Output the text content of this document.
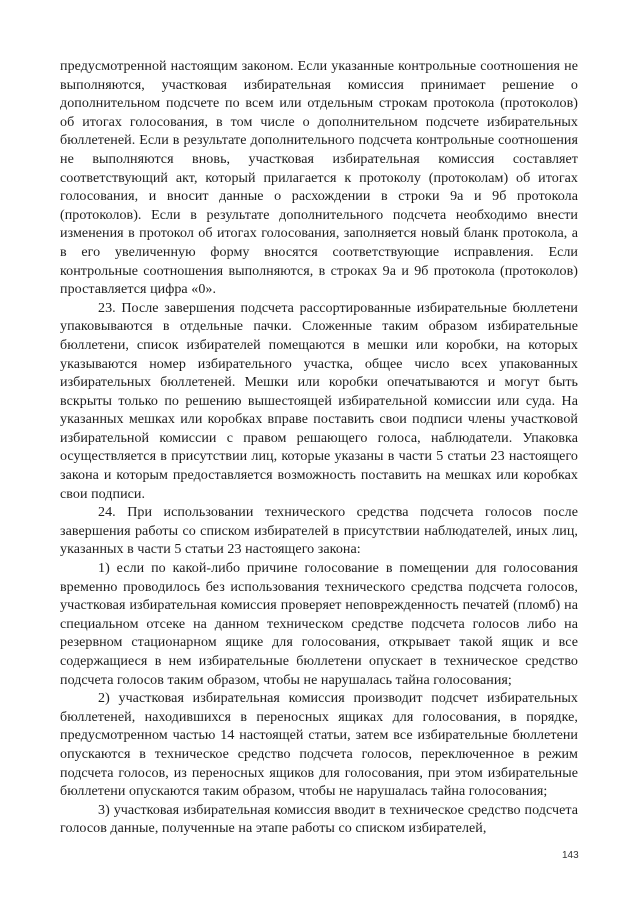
предусмотренной настоящим законом. Если указанные контрольные соотношения не выполняются, участковая избирательная комиссия принимает решение о дополнительном подсчете по всем или отдельным строкам протокола (протоколов) об итогах голосования, в том числе о дополнительном подсчете избирательных бюллетеней. Если в результате дополнительного подсчета контрольные соотношения не выполняются вновь, участковая избирательная комиссия составляет соответствующий акт, который прилагается к протоколу (протоколам) об итогах голосования, и вносит данные о расхождении в строки 9а и 9б протокола (протоколов). Если в результате дополнительного подсчета необходимо внести изменения в протокол об итогах голосования, заполняется новый бланк протокола, а в его увеличенную форму вносятся соответствующие исправления. Если контрольные соотношения выполняются, в строках 9а и 9б протокола (протоколов) проставляется цифра «0».

23. После завершения подсчета рассортированные избирательные бюллетени упаковываются в отдельные пачки. Сложенные таким образом избирательные бюллетени, список избирателей помещаются в мешки или коробки, на которых указываются номер избирательного участка, общее число всех упакованных избирательных бюллетеней. Мешки или коробки опечатываются и могут быть вскрыты только по решению вышестоящей избирательной комиссии или суда. На указанных мешках или коробках вправе поставить свои подписи члены участковой избирательной комиссии с правом решающего голоса, наблюдатели. Упаковка осуществляется в присутствии лиц, которые указаны в части 5 статьи 23 настоящего закона и которым предоставляется возможность поставить на мешках или коробках свои подписи.

24. При использовании технического средства подсчета голосов после завершения работы со списком избирателей в присутствии наблюдателей, иных лиц, указанных в части 5 статьи 23 настоящего закона:

1) если по какой-либо причине голосование в помещении для голосования временно проводилось без использования технического средства подсчета голосов, участковая избирательная комиссия проверяет неповрежденность печатей (пломб) на специальном отсеке на данном техническом средстве подсчета голосов либо на резервном стационарном ящике для голосования, открывает такой ящик и все содержащиеся в нем избирательные бюллетени опускает в техническое средство подсчета голосов таким образом, чтобы не нарушалась тайна голосования;

2) участковая избирательная комиссия производит подсчет избирательных бюллетеней, находившихся в переносных ящиках для голосования, в порядке, предусмотренном частью 14 настоящей статьи, затем все избирательные бюллетени опускаются в техническое средство подсчета голосов, переключенное в режим подсчета голосов, из переносных ящиков для голосования, при этом избирательные бюллетени опускаются таким образом, чтобы не нарушалась тайна голосования;

3) участковая избирательная комиссия вводит в техническое средство подсчета голосов данные, полученные на этапе работы со списком избирателей,

143
